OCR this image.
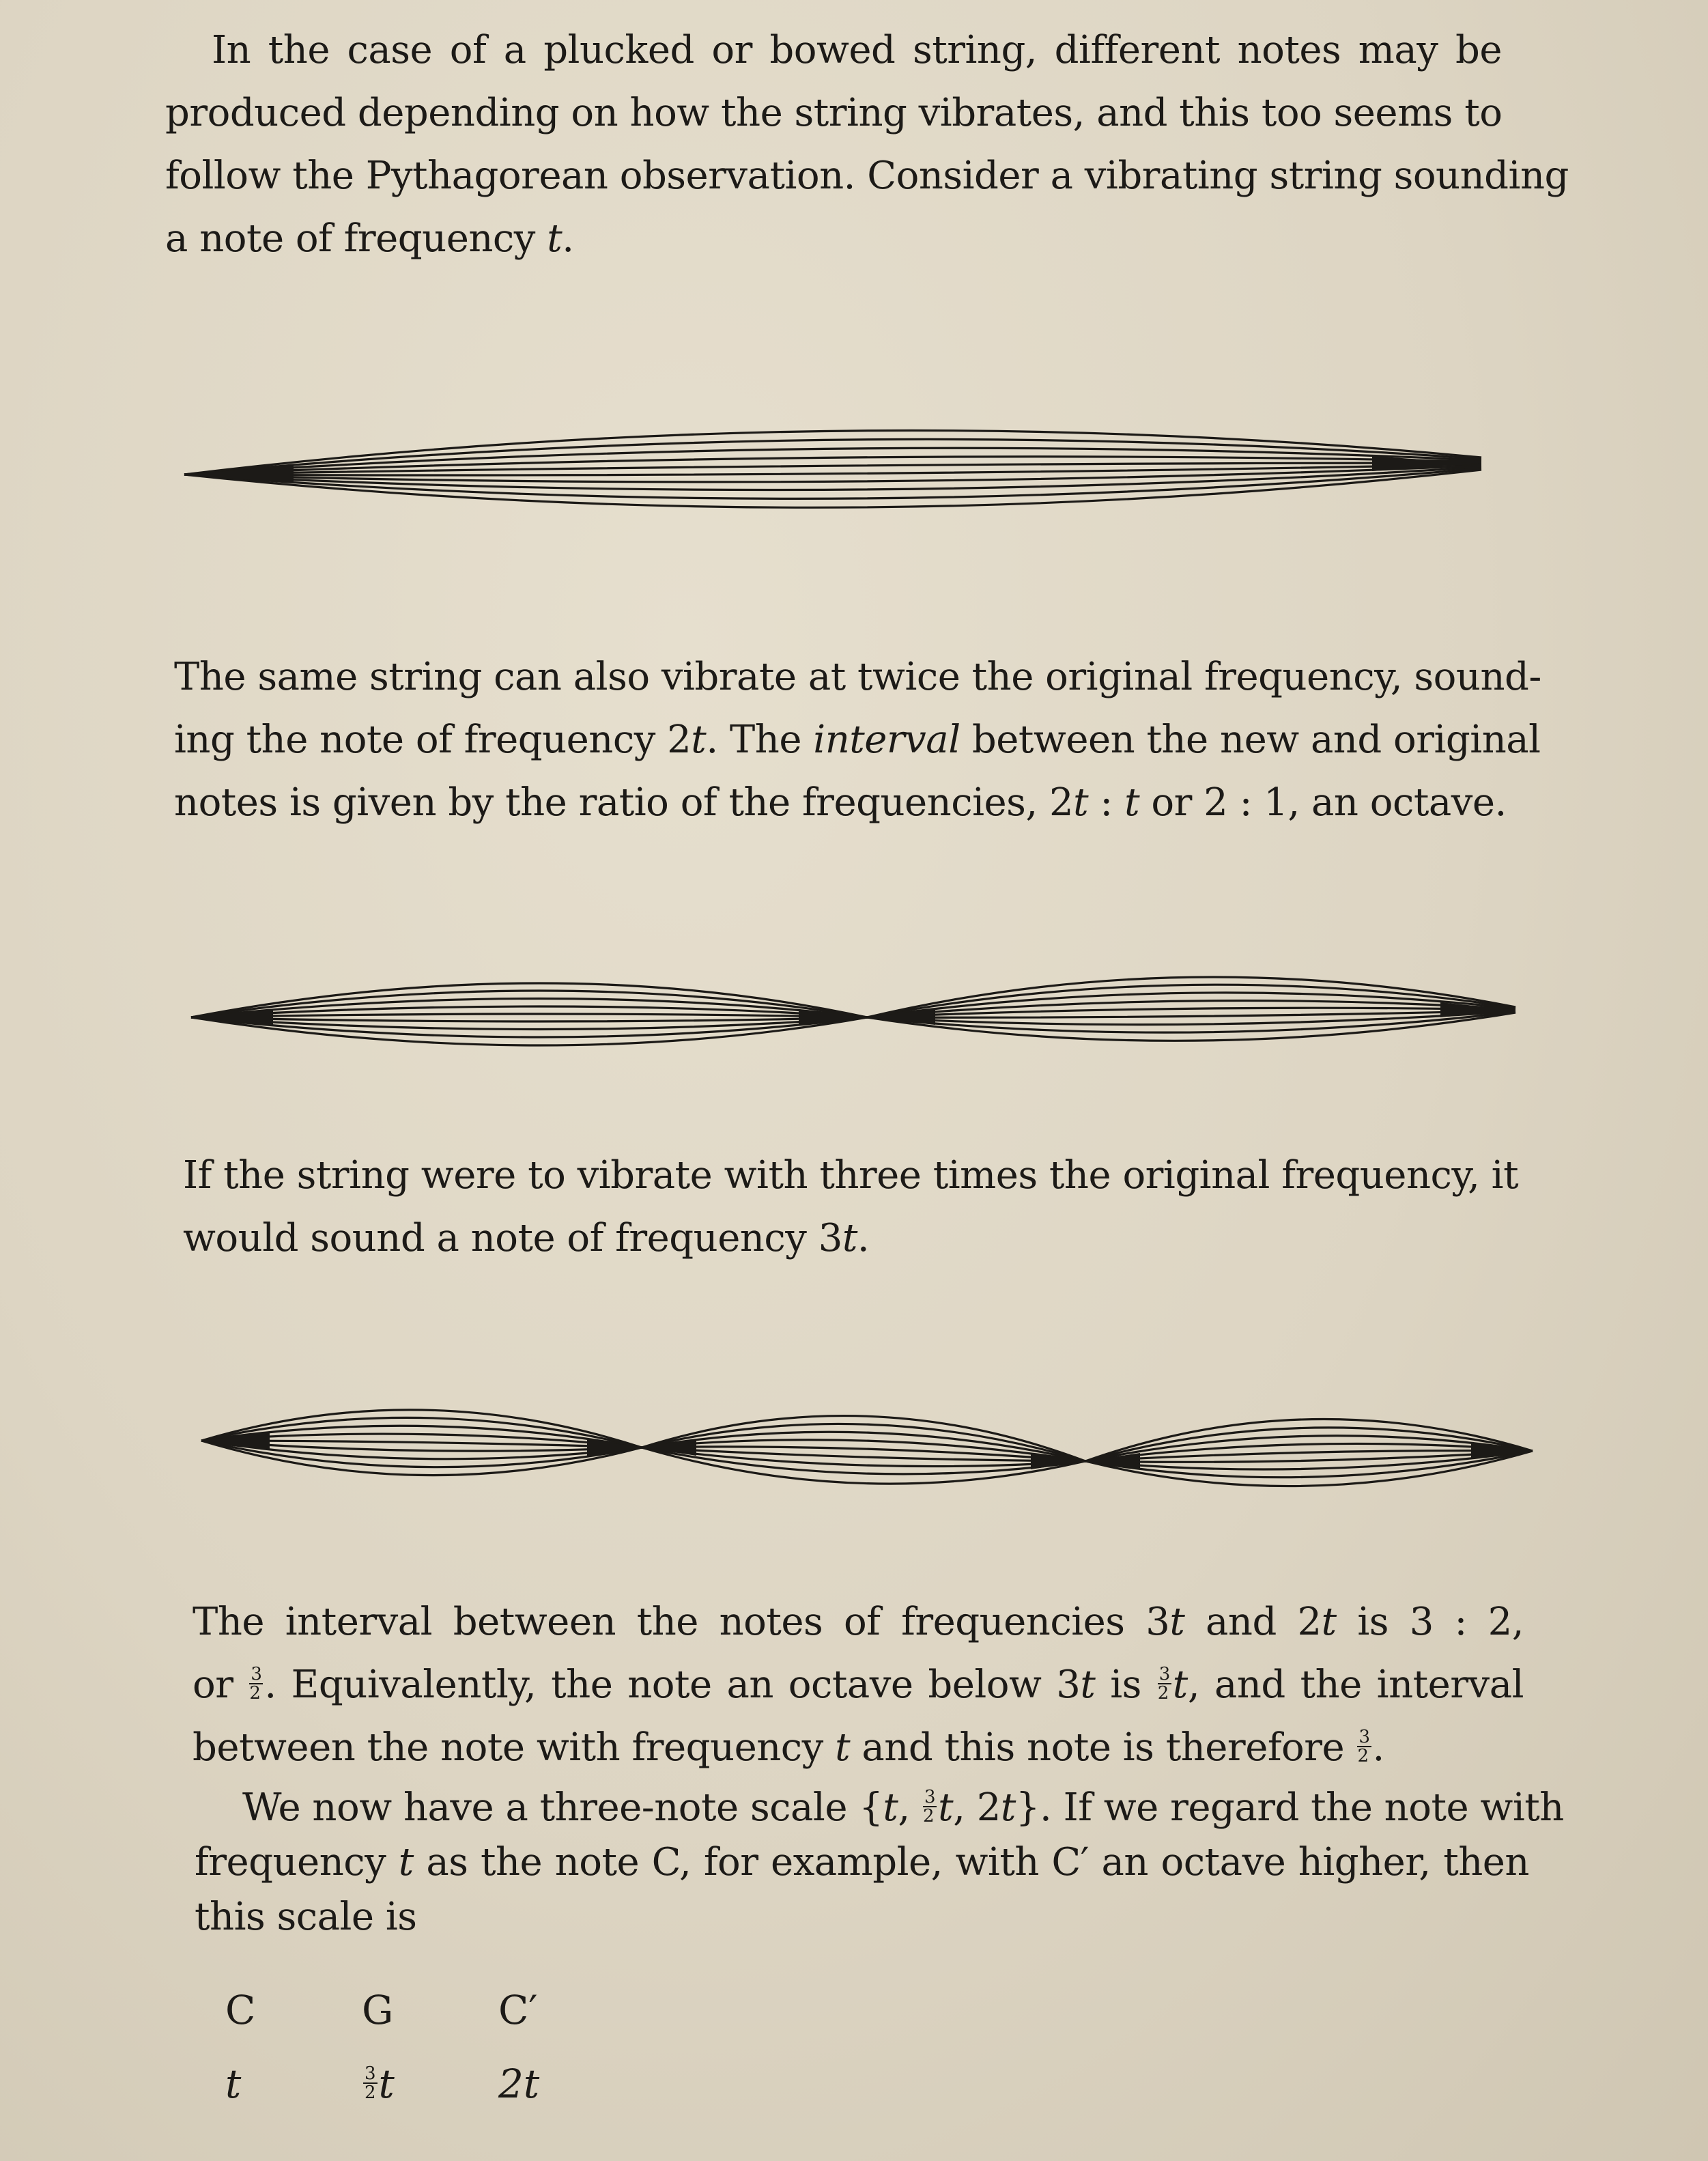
In the case of a plucked or bowed string, different notes may be
produced depending on how the string vibrates, and this too seems to
follow the Pythagorean observation. Consider a vibrating string sounding
a note of frequency t.
The same string can also vibrate at twice the original frequency, sound-
ing the note of frequency 2t. The interval between the new and original
notes is given by the ratio of the frequencies, 2t : t or 2 : 1, an octave.
If the string were to vibrate with three times the original frequency, it
would sound a note of frequency 3t.
The interval between the notes of frequencies 3t and 2t is 3 : 2,
or $\frac{3}{2}$ . Equivalently, the note an octave below 3t is $\frac{3}{2} t$, and the interval
between the note with frequency t and this note is therefore $\frac{3}{2}$ .
We now have a three-note scale {t, $\frac{3}{2} t$, 2t}. If we regard the note with
frequency t as the note C, for example, with C′ an octave higher, then
this scale is
C	G	C′
t	$\frac{3}{2}$ t	2t
